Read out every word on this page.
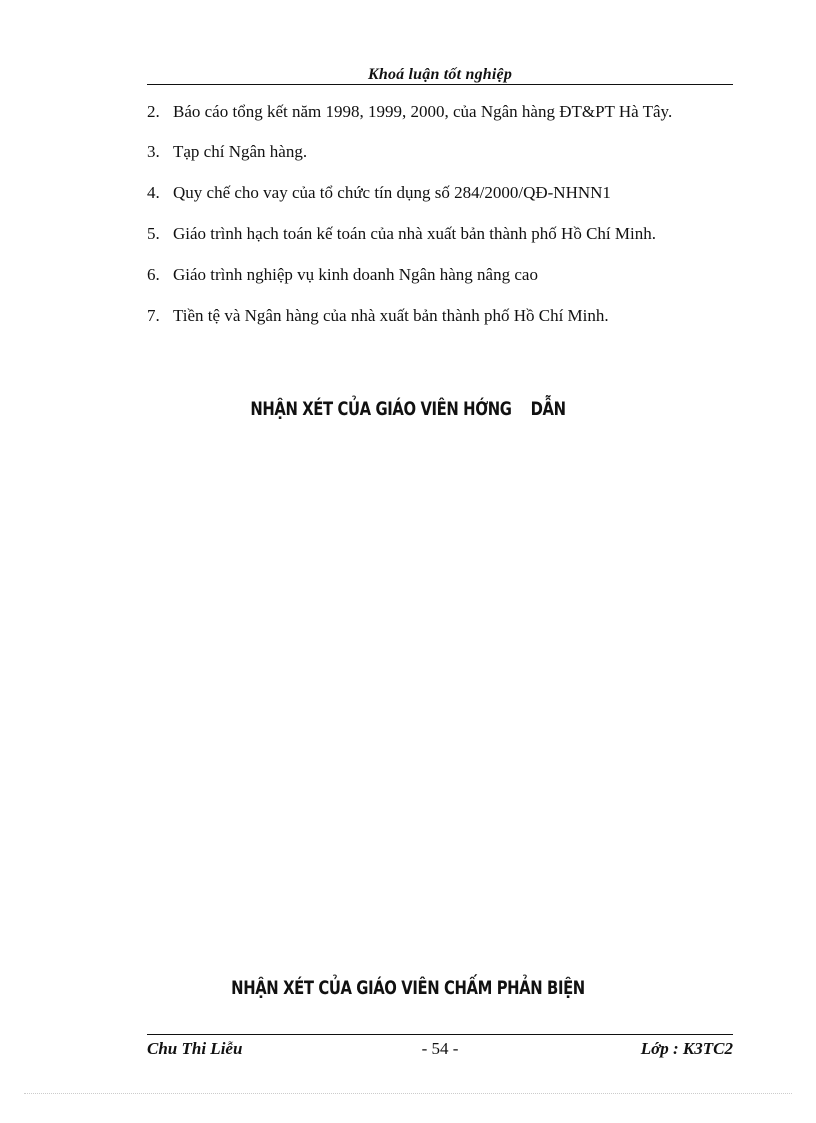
Khoá luận tốt nghiệp
2. Báo cáo tổng kết năm 1998, 1999, 2000, của Ngân hàng ĐT&PT Hà Tây.
3. Tạp chí Ngân hàng.
4. Quy chế cho vay của tổ chức tín dụng số 284/2000/QĐ-NHNN1
5. Giáo trình hạch toán kế toán của nhà xuất bản thành phố Hồ Chí Minh.
6. Giáo trình nghiệp vụ kinh doanh Ngân hàng nâng cao
7. Tiền tệ và Ngân hàng của nhà xuất bản thành phố Hồ Chí Minh.
NHẬN XÉT CỦA GIÁO VIÊN HỚNG    DẪN
NHẬN XÉT CỦA GIÁO VIÊN CHẤM PHẢN BIỆN
Chu Thi Liễu	- 54 -	Lớp : K3TC2
